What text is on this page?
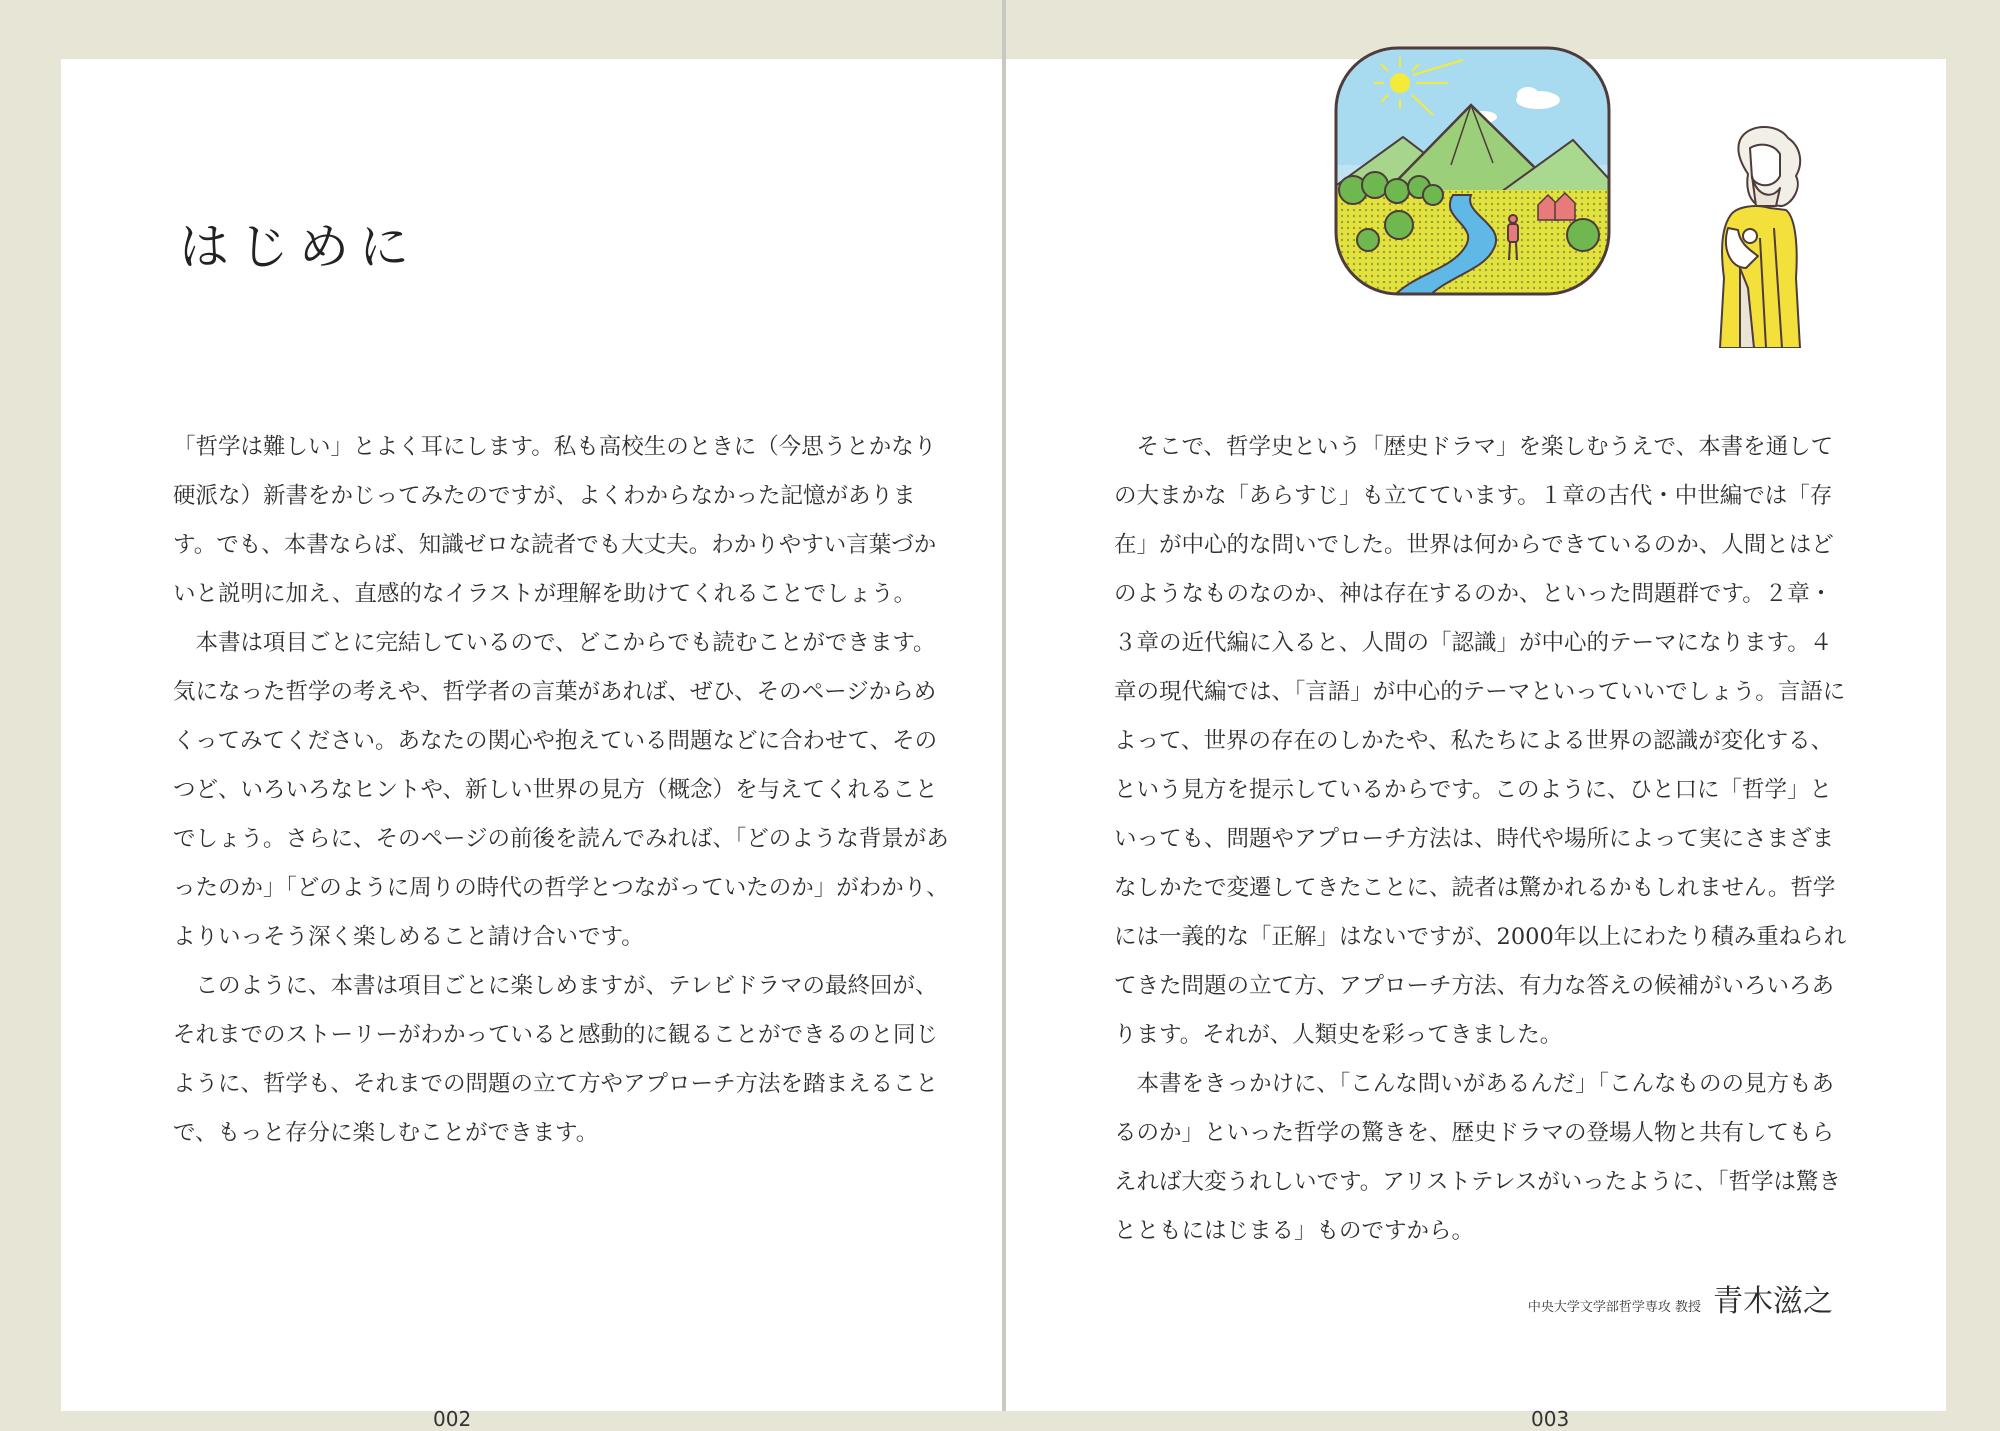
はじめに

「哲学は難しい」とよく耳にします。私も高校生のときに（今思うとかなり硬派な）新書をかじってみたのですが、よくわからなかった記憶があります。でも、本書ならば、知識ゼロな読者でも大丈夫。わかりやすい言葉づかいと説明に加え、直感的なイラストが理解を助けてくれることでしょう。

本書は項目ごとに完結しているので、どこからでも読むことができます。気になった哲学の考えや、哲学者の言葉があれば、ぜひ、そのページからめくってみてください。あなたの関心や抱えている問題などに合わせて、そのつど、いろいろなヒントや、新しい世界の見方（概念）を与えてくれることでしょう。さらに、そのページの前後を読んでみれば、「どのような背景があったのか」「どのように周りの時代の哲学とつながっていたのか」がわかり、よりいっそう深く楽しめること請け合いです。

このように、本書は項目ごとに楽しめますが、テレビドラマの最終回が、それまでのストーリーがわかっていると感動的に観ることができるのと同じように、哲学も、それまでの問題の立て方やアプローチ方法を踏まえることで、もっと存分に楽しむことができます。

002

そこで、哲学史という「歴史ドラマ」を楽しむうえで、本書を通しての大まかな「あらすじ」も立てています。１章の古代・中世編では「存在」が中心的な問いでした。世界は何からできているのか、人間とはどのようなものなのか、神は存在するのか、といった問題群です。２章・３章の近代編に入ると、人間の「認識」が中心的テーマになります。４章の現代編では、「言語」が中心的テーマといっていいでしょう。言語によって、世界の存在のしかたや、私たちによる世界の認識が変化する、という見方を提示しているからです。このように、ひと口に「哲学」といっても、問題やアプローチ方法は、時代や場所によって実にさまざまなしかたで変遷してきたことに、読者は驚かれるかもしれません。哲学には一義的な「正解」はないですが、2000年以上にわたり積み重ねられてきた問題の立て方、アプローチ方法、有力な答えの候補がいろいろあります。それが、人類史を彩ってきました。

本書をきっかけに、「こんな問いがあるんだ」「こんなものの見方もあるのか」といった哲学の驚きを、歴史ドラマの登場人物と共有してもらえれば大変うれしいです。アリストテレスがいったように、「哲学は驚きとともにはじまる」ものですから。

中央大学文学部哲学専攻 教授 青木滋之
003
